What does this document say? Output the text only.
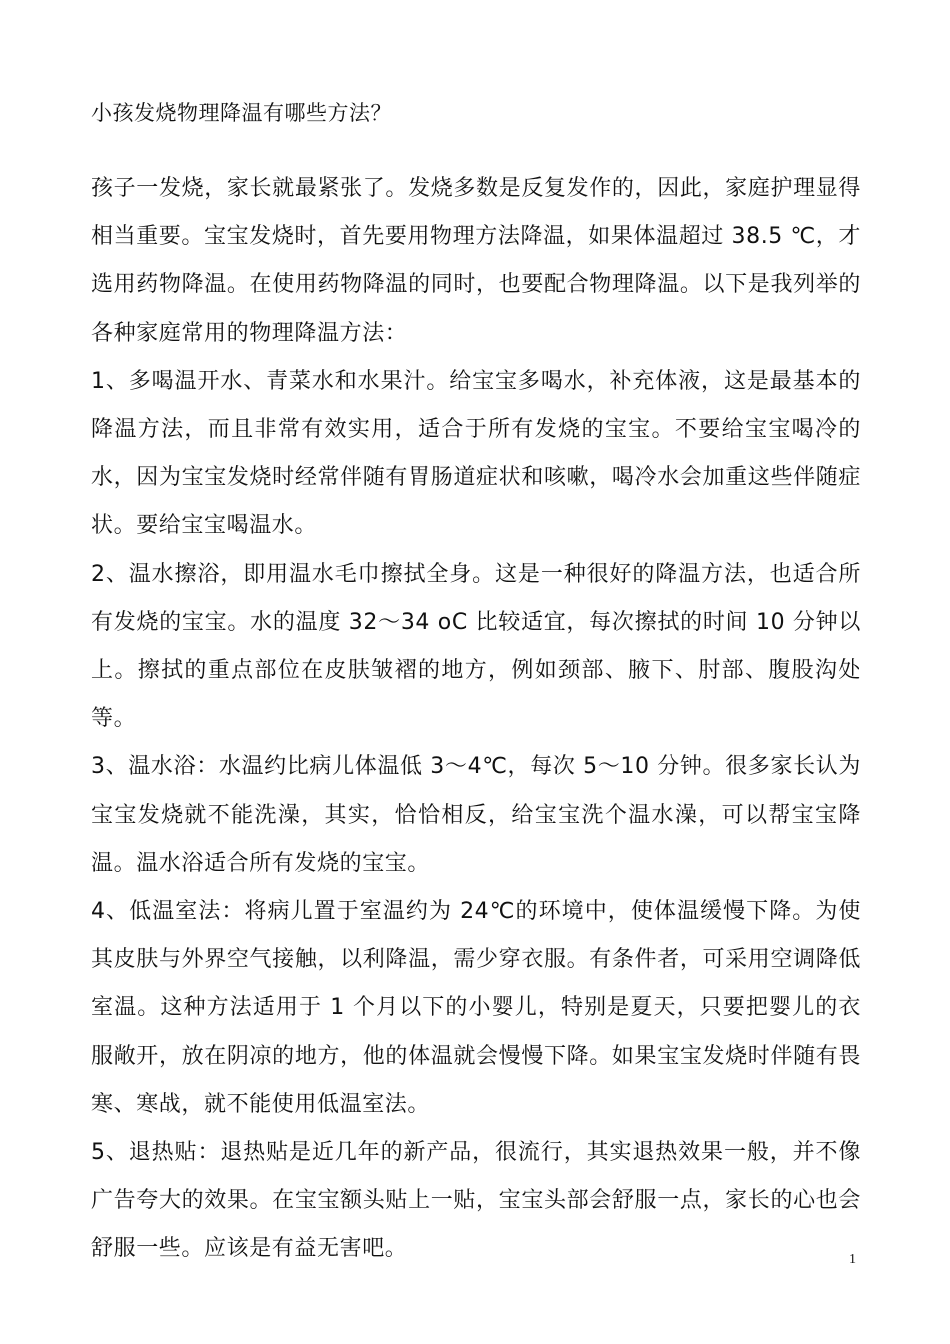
小孩发烧物理降温有哪些方法？

孩子一发烧，家长就最紧张了。发烧多数是反复发作的，因此，家庭护理显得相当重要。宝宝发烧时，首先要用物理方法降温，如果体温超过 38.5 ℃，才选用药物降温。在使用药物降温的同时，也要配合物理降温。以下是我列举的各种家庭常用的物理降温方法：

1、多喝温开水、青菜水和水果汁。给宝宝多喝水，补充体液，这是最基本的降温方法，而且非常有效实用，适合于所有发烧的宝宝。不要给宝宝喝冷的水，因为宝宝发烧时经常伴随有胃肠道症状和咳嗽，喝冷水会加重这些伴随症状。要给宝宝喝温水。

2、温水擦浴，即用温水毛巾擦拭全身。这是一种很好的降温方法，也适合所有发烧的宝宝。水的温度 32～34 oC 比较适宜，每次擦拭的时间 10 分钟以上。擦拭的重点部位在皮肤皱褶的地方，例如颈部、腋下、肘部、腹股沟处等。

3、温水浴：水温约比病儿体温低 3～4℃，每次 5～10 分钟。很多家长认为宝宝发烧就不能洗澡，其实，恰恰相反，给宝宝洗个温水澡，可以帮宝宝降温。温水浴适合所有发烧的宝宝。

4、低温室法：将病儿置于室温约为 24℃的环境中，使体温缓慢下降。为使其皮肤与外界空气接触，以利降温，需少穿衣服。有条件者，可采用空调降低室温。这种方法适用于 1 个月以下的小婴儿，特别是夏天，只要把婴儿的衣服敞开，放在阴凉的地方，他的体温就会慢慢下降。如果宝宝发烧时伴随有畏寒、寒战，就不能使用低温室法。

5、退热贴：退热贴是近几年的新产品，很流行，其实退热效果一般，并不像广告夸大的效果。在宝宝额头贴上一贴，宝宝头部会舒服一点，家长的心也会舒服一些。应该是有益无害吧。	1
